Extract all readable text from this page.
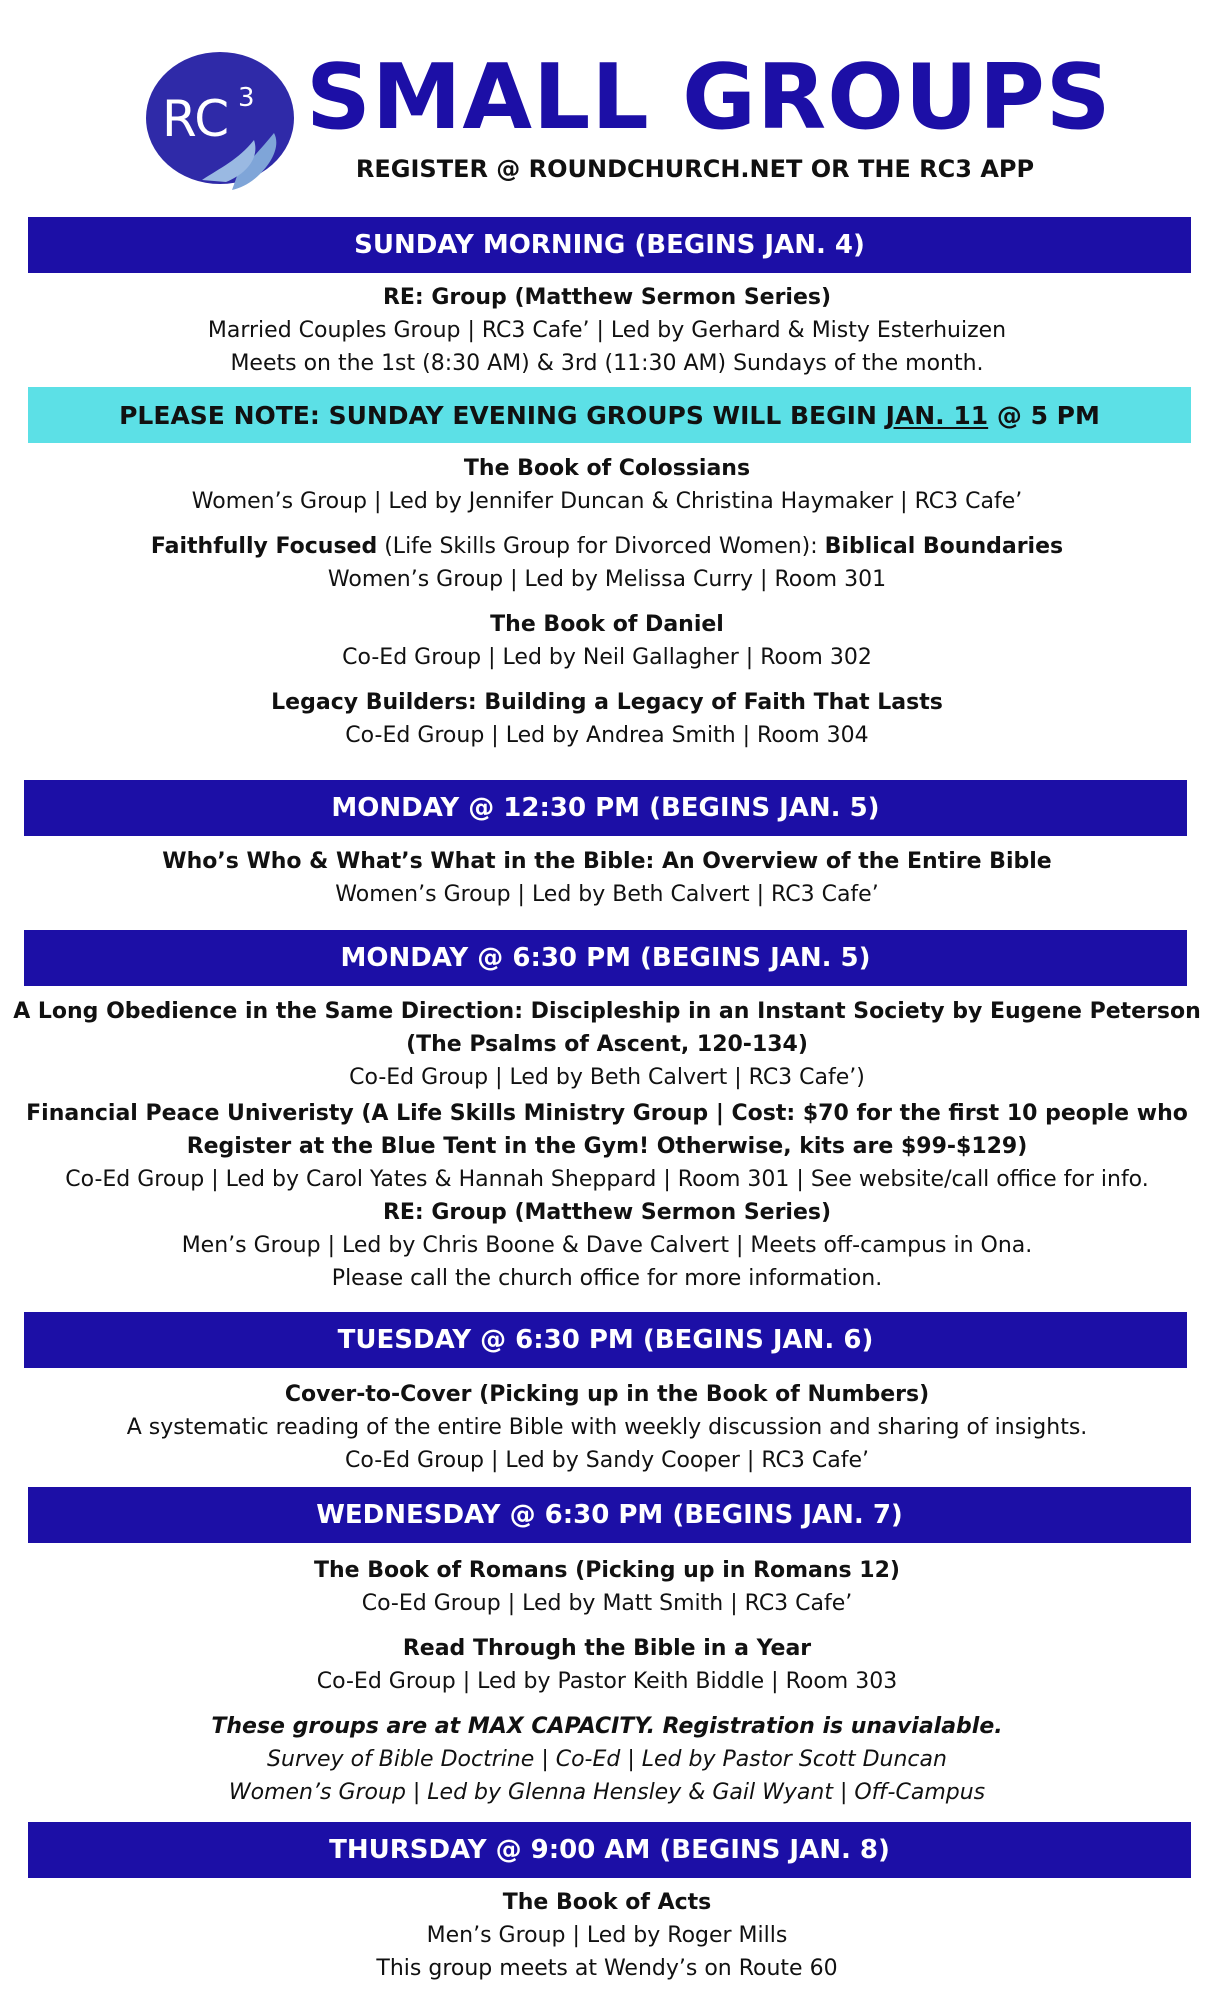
RC 3 SMALL GROUPS
REGISTER @ ROUNDCHURCH.NET OR THE RC3 APP
SUNDAY MORNING (BEGINS JAN. 4)
RE: Group (Matthew Sermon Series)
Married Couples Group | RC3 Cafe’ | Led by Gerhard & Misty Esterhuizen
Meets on the 1st (8:30 AM) & 3rd (11:30 AM) Sundays of the month.
PLEASE NOTE: SUNDAY EVENING GROUPS WILL BEGIN JAN. 11 @ 5 PM
The Book of Colossians
Women’s Group | Led by Jennifer Duncan & Christina Haymaker | RC3 Cafe’
Faithfully Focused (Life Skills Group for Divorced Women): Biblical Boundaries
Women’s Group | Led by Melissa Curry | Room 301
The Book of Daniel
Co-Ed Group | Led by Neil Gallagher | Room 302
Legacy Builders: Building a Legacy of Faith That Lasts
Co-Ed Group | Led by Andrea Smith | Room 304
MONDAY @ 12:30 PM (BEGINS JAN. 5)
Who’s Who & What’s What in the Bible: An Overview of the Entire Bible
Women’s Group | Led by Beth Calvert | RC3 Cafe’
MONDAY @ 6:30 PM (BEGINS JAN. 5)
A Long Obedience in the Same Direction: Discipleship in an Instant Society by Eugene Peterson
(The Psalms of Ascent, 120-134)
Co-Ed Group | Led by Beth Calvert | RC3 Cafe’)
Financial Peace Univeristy (A Life Skills Ministry Group | Cost: $70 for the first 10 people who
Register at the Blue Tent in the Gym! Otherwise, kits are $99-$129)
Co-Ed Group | Led by Carol Yates & Hannah Sheppard | Room 301 | See website/call office for info.
RE: Group (Matthew Sermon Series)
Men’s Group | Led by Chris Boone & Dave Calvert | Meets off-campus in Ona.
Please call the church office for more information.
TUESDAY @ 6:30 PM (BEGINS JAN. 6)
Cover-to-Cover (Picking up in the Book of Numbers)
A systematic reading of the entire Bible with weekly discussion and sharing of insights.
Co-Ed Group | Led by Sandy Cooper | RC3 Cafe’
WEDNESDAY @ 6:30 PM (BEGINS JAN. 7)
The Book of Romans (Picking up in Romans 12)
Co-Ed Group | Led by Matt Smith | RC3 Cafe’
Read Through the Bible in a Year
Co-Ed Group | Led by Pastor Keith Biddle | Room 303
These groups are at MAX CAPACITY. Registration is unavialable.
Survey of Bible Doctrine | Co-Ed | Led by Pastor Scott Duncan
Women’s Group | Led by Glenna Hensley & Gail Wyant | Off-Campus
THURSDAY @ 9:00 AM (BEGINS JAN. 8)
The Book of Acts
Men’s Group | Led by Roger Mills
This group meets at Wendy’s on Route 60
